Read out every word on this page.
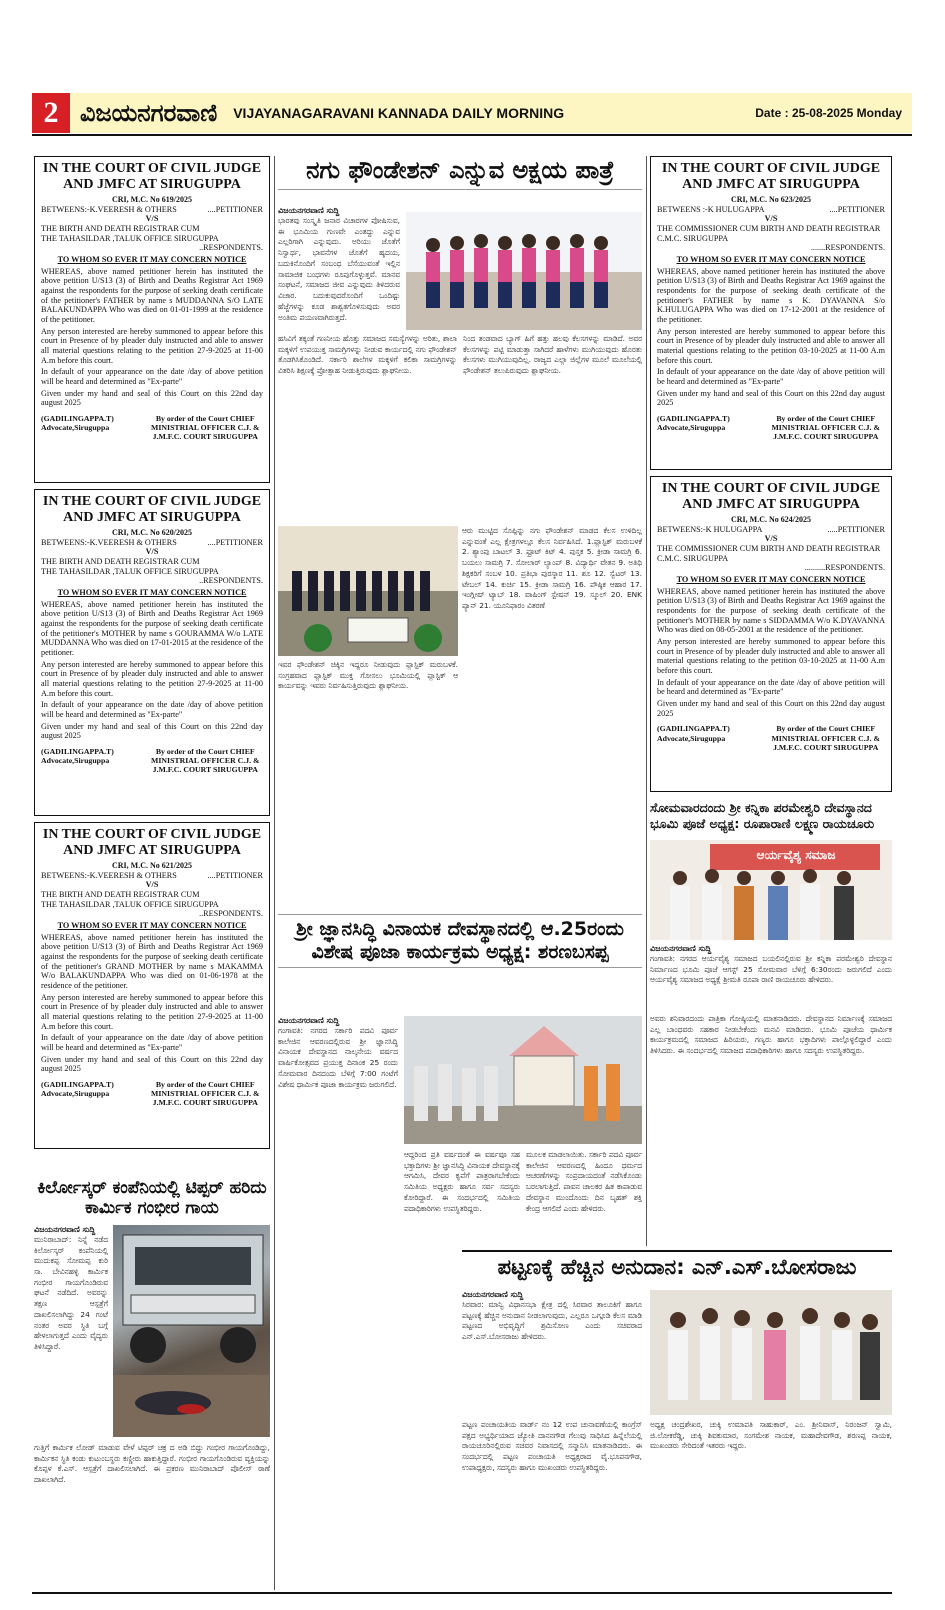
2 ವಿಜಯನಗರವಾಣಿ VIJAYANAGARAVANI KANNADA DAILY MORNING	Date : 25-08-2025 Monday
IN THE COURT OF CIVIL JUDGE AND JMFC AT SIRUGUPPA
CRI, M.C. No 619/2025
BETWEENS:-K.VEERESH & OTHERS	....PETITIONER
V/S
THE BIRTH AND DEATH REGISTRAR CUM
THE TAHASILDAR ,TALUK OFFICE SIRUGUPPA
..RESPONDENTS.
TO WHOM SO EVER IT MAY CONCERN NOTICE

WHEREAS, above named petitioner herein has instituted the above petition U/S13 (3) of Birth and Deaths Registrar Act 1969 against the respondents for the purpose of seeking death certificate of the petitioner's FATHER by name s MUDDANNA S/O LATE BALAKUNDAPPA Who was died on 01-01-1999 at the residence of the petitioner.

Any person interested are hereby summoned to appear before this court in Presence of by pleader duly instructed and able to answer all material questions relating to the petition 27-9-2025 at 11-00 A.m before this court.

In default of your appearance on the date /day of above petition will be heard and determined as "Ex-parte"

Given under my hand and seal of this Court on this 22nd day august 2025

(GADILINGAPPA.T) Advocate,Siruguppa
By order of the Court CHIEF MINISTRIAL OFFICER C.J. & J.M.F.C. COURT SIRUGUPPA
IN THE COURT OF CIVIL JUDGE AND JMFC AT SIRUGUPPA
CRI, M.C. No 620/2025
BETWEENS:-K.VEERESH & OTHERS	....PETITIONER
V/S
THE BIRTH AND DEATH REGISTRAR CUM
THE TAHASILDAR ,TALUK OFFICE SIRUGUPPA
..RESPONDENTS.
TO WHOM SO EVER IT MAY CONCERN NOTICE

WHEREAS, above named petitioner herein has instituted the above petition U/S13 (3) of Birth and Deaths Registrar Act 1969 against the respondents for the purpose of seeking death certificate of the petitioner's MOTHER by name s GOURAMMA W/o LATE MUDDANNA Who was died on 17-01-2015 at the residence of the petitioner.

Any person interested are hereby summoned to appear before this court in Presence of by pleader duly instructed and able to answer all material questions relating to the petition 27-9-2025 at 11-00 A.m before this court.

In default of your appearance on the date /day of above petition will be heard and determined as "Ex-parte"

Given under my hand and seal of this Court on this 22nd day august 2025

(GADILINGAPPA.T) Advocate,Siruguppa
By order of the Court CHIEF MINISTRIAL OFFICER C.J. & J.M.F.C. COURT SIRUGUPPA
IN THE COURT OF CIVIL JUDGE AND JMFC AT SIRUGUPPA
CRI, M.C. No 621/2025
BETWEENS:-K.VEERESH & OTHERS	....PETITIONER
V/S
THE BIRTH AND DEATH REGISTRAR CUM
THE TAHASILDAR ,TALUK OFFICE SIRUGUPPA
..RESPONDENTS.
TO WHOM SO EVER IT MAY CONCERN NOTICE

WHEREAS, above named petitioner herein has instituted the above petition U/S13 (3) of Birth and Deaths Registrar Act 1969 against the respondents for the purpose of seeking death certificate of the petitioner's GRAND MOTHER by name s MAKAMMA W/o BALAKUNDAPPA Who was died on 01-06-1978 at the residence of the petitioner.

Any person interested are hereby summoned to appear before this court in Presence of by pleader duly instructed and able to answer all material questions relating to the petition 27-9-2025 at 11-00 A.m before this court.

In default of your appearance on the date /day of above petition will be heard and determined as "Ex-parte"

Given under my hand and seal of this Court on this 22nd day august 2025

(GADILINGAPPA.T) Advocate,Siruguppa
By order of the Court CHIEF MINISTRIAL OFFICER C.J. & J.M.F.C. COURT SIRUGUPPA
ಕಿರ್ಲೋಸ್ಕರ್ ಕಂಪೆನಿಯಲ್ಲಿ ಟಿಪ್ಪರ್ ಹರಿದು ಕಾರ್ಮಿಕ ಗಂಭೀರ ಗಾಯ
ವಿಜಯನಗರವಾಣಿ ಸುದ್ದಿ
ಮುನಿರಾಬಾದ್: ನಿನ್ನೆ ನಡೆದ ಕಿರ್ಲೋಸ್ಕರ್ ಕಂಪೆನಿಯಲ್ಲಿ ಮುದುಕಪ್ಪ ಸೋಮಪ್ಪ ಕುರಿ ಸಾ. ಬೇವಿನಹಳ್ಳಿ ಕಾರ್ಮಿಕ ಗಂಭೀರ ಗಾಯಗೊಂಡಿರುವ ಘಟನೆ ನಡೆದಿದೆ. ಅವರನ್ನು ತಕ್ಷಣ ಆಸ್ಪತ್ರೆಗೆ ದಾಖಲಿಸಲಾಗಿದ್ದು 24 ಗಂಟೆ ನಂತರ ಅವರ ಸ್ಥಿತಿ ಬಗ್ಗೆ ಹೇಳಲಾಗುತ್ತದೆ ಎಂದು ವೈದ್ಯರು ತಿಳಿಸಿದ್ದಾರೆ.
ಗುತ್ತಿಗೆ ಕಾರ್ಮಿಕ ಲೋಡ್ ಮಾಡುವ ವೇಳೆ ಟಿಪ್ಪರ್ ಚಕ್ರ ದ ಅಡಿ ಬಿದ್ದು ಗಂಭೀರ ಗಾಯಗೊಂಡಿದ್ದು, ಕಾರ್ಮಿಕನ ಸ್ಥಿತಿ ಕಂಡು ಕುಟುಂಬಸ್ಥರು ಕಣ್ಣೀರು ಹಾಕುತ್ತಿದ್ದಾರೆ. ಗಂಭೀರ ಗಾಯಗೊಂಡಿರುವ ವ್ಯಕ್ತಿಯನ್ನು ಕೊಪ್ಪಳ ಕೆ.ಎಸ್. ಆಸ್ಪತ್ರೆಗೆ ದಾಖಲಿಸಲಾಗಿದೆ. ಈ ಪ್ರಕರಣ ಮುನಿರಾಬಾದ್ ಪೊಲೀಸ್ ಠಾಣೆ ದಾಖಲಾಗಿದೆ.
ನಗು ಫೌಂಡೇಶನ್ ಎನ್ನುವ ಅಕ್ಷಯ ಪಾತ್ರೆ
ವಿಜಯನಗರವಾಣಿ ಸುದ್ದಿ
ಭಾರತವು ಸಂಸ್ಕೃತಿ ಜನಾರ ವಿಚಾರಗಳ ಪೋಷಿಸುವ, ಈ ಭೂಮಿಯ ಗುಣವೇ ಎಂತದ್ದು ಎನ್ನುವ ಎಲ್ಲರಿಗಾಗಿ ಎನ್ನುವುದು. ಅರಿಯು ಜೊತೆಗೆ ನಿಸ್ವಾರ್ಥ, ಭಾವನೆಗಳ ಜೊತೆಗೆ ಹೃದಯ, ಬದುಕಿನೊಂದಿಗೆ ಸಂಬಂಧ ಬೆಸೆಯುವಂತೆ ಇಲ್ಲಿನ ಸಾಮಾಜಿಕ ಬಂಧಗಳು ರೂಪುಗೊಳ್ಳುತ್ತವೆ. ಮಾನವ ಸಂಘಟನೆ, ಸಮಾಜದ ಜೀವ ಎನ್ನುವುದು ತಿಳಿದರುವ ವಿಚಾರ. ಬದುಕುವುದರೊಂದಿಗೆ ಒಂದಿಷ್ಟು ಹೆಜ್ಜೆಗಳನ್ನು ಕೂಡ ಶಾಶ್ವತಗೊಳಿಸುವುದು ಅವರ ಅಂತಿಮ ಪಯಣವಾಗಿರುತ್ತದೆ.
ಹಸಿವಿಗೆ ತಕ್ಕಂತೆ ಗಣನೀಯ ಹೊತ್ತು ಸಮಾಜದ ಸಮಸ್ಯೆಗಳನ್ನು ಅರಿತು, ಶಾಲಾ ಮಕ್ಕಳಿಗೆ ಉಪಯುಕ್ತ ಸಾಮಗ್ರಿಗಳನ್ನು ನೀಡುವ ಕಾರ್ಯದಲ್ಲಿ ನಗು ಫೌಂಡೇಶನ್ ತೊಡಗಿಸಿಕೊಂಡಿದೆ. ಸರ್ಕಾರಿ ಶಾಲೆಗಳ ಮಕ್ಕಳಿಗೆ ಕಲಿಕಾ ಸಾಮಗ್ರಿಗಳನ್ನು ವಿತರಿಸಿ ಶಿಕ್ಷಣಕ್ಕೆ ಪ್ರೋತ್ಸಾಹ ನೀಡುತ್ತಿರುವುದು ಶ್ಲಾಘನೀಯ.
ನಿಂದ ತಂಡವಾದ ಬ್ಯಾಗ್ ಹಿಗೆ ಹತ್ತು ಹಲವು ಕೆಲಸಗಳನ್ನು ಮಾಡಿದೆ. ಅವರ ಕೆಲಸಗಳನ್ನು ಪಟ್ಟಿ ಮಾಡುತ್ತಾ ಸಾಗಿದರೆ ಹಾಳೆಗಳು ಮುಗಿಯುವುದು ಹೊರತು ಕೆಲಸಗಳು ಮುಗಿಯುವುದಿಲ್ಲ. ರಾಜ್ಯದ ಎಲ್ಲಾ ಜಿಲ್ಲೆಗಳ ಮೂಲೆ ಮೂಲೆಯಲ್ಲಿ ಫೌಂಡೇಶನ್ ತಲುಪಿರುವುದು ಶ್ಲಾಘನೀಯ.
ಆರು ಮುಟ್ಟಿದ ಸೊಪ್ಪಿನ್ನು ನಗು ಫೌಂಡೇಶನ್ ಮಾಡದ ಕೆಲಸ ಉಳಿದಿಲ್ಲ ಎನ್ನುವಂತೆ ಎಲ್ಲ ಕ್ಷೇತ್ರಗಳಲ್ಲೂ ಕೆಲಸ ನಿರ್ವಹಿಸಿದೆ. 1.ಪ್ಲಾಸ್ಟಿಕ್ ಮರುಬಳಕೆ 2. ಶ್ಯಾಂಪು ಬಾಟಲ್ 3. ಫ್ರೂಟ್ ಕಿಟ್ 4. ಪುಸ್ತಕ 5. ಕ್ರೀಡಾ ಸಾಮಗ್ರಿ 6. ಬಯಲು ಸಾಮಗ್ರಿ 7. ಸೋಲಾರ್ ಲ್ಯಾಂಪ್ 8. ವಿದ್ಯಾರ್ಥಿ ವೇತನ 9. ಅತಿಥಿ ಶಿಕ್ಷಕರಿಗೆ ಸಂಬಳ 10. ಪ್ರತಿಭಾ ಪುರಸ್ಕಾರ 11. ಶೂ 12. ಸ್ವೆಟರ್ 13. ಟೇಬಲ್ 14. ಕುರ್ಚಿ 15. ಕ್ರೀಡಾ ಸಾಮಗ್ರಿ 16. ಪೌಷ್ಠಿಕ ಆಹಾರ 17. ಇಂಗ್ಲೀಷ್ ಟ್ಯಾಬ್ 18. ವಾಷಿಂಗ್ ಸ್ಟೇಷನ್ 19. ಸ್ಕೂಲ್ 20. ENK ಪ್ಯಾನ್ 21. ಯೂನಿಫಾರಂ ವಿತರಣೆ
ಇವರ ಫೌಂಡೇಶನ್ ಚಿಕ್ಕಿನ ಇದ್ದರೂ ನೀಡುವುದು ಪ್ಲಾಸ್ಟಿಕ್ ಮರುಬಳಕೆ. ಸಂಗ್ರಹವಾದ ಪ್ಲಾಸ್ಟಿಕ್ ಮುಕ್ತ ಗೋಸಲು ಭೂಮಿಯಲ್ಲಿ ಪ್ಲಾಸ್ಟಿಕ್ ಆ ಕಾರ್ಯವನ್ನು ಇವರು ನಿರ್ವಹಿಸುತ್ತಿರುವುದು ಶ್ಲಾಘನೀಯ.
ಶ್ರೀ ಜ್ಞಾನಸಿದ್ಧಿ ವಿನಾಯಕ ದೇವಸ್ಥಾನದಲ್ಲಿ ಆ.25ರಂದು ವಿಶೇಷ ಪೂಜಾ ಕಾರ್ಯಕ್ರಮ ಅಧ್ಯಕ್ಷ: ಶರಣಬಸಪ್ಪ
ವಿಜಯನಗರವಾಣಿ ಸುದ್ದಿ
ಗಂಗಾವತಿ: ನಗರದ ಸರ್ಕಾರಿ ಪದವಿ ಪೂರ್ವ ಕಾಲೇಜಿನ ಆವರಣದಲ್ಲಿರುವ ಶ್ರೀ ಜ್ಞಾನಸಿದ್ಧಿ ವಿನಾಯಕ ದೇವಸ್ಥಾನದ ನಾಲ್ಕನೇಯ ವರ್ಷದ ವಾರ್ಷಿಕೋತ್ಸವದ ಪ್ರಯುಕ್ತ ದಿನಾಂಕ 25 ರಂದು ಸೋಮವಾರ ದಿನದಂದು ಬೆಳಿಗ್ಗೆ 7:00 ಗಂಟೆಗೆ ವಿಶೇಷ ಧಾರ್ಮಿಕ ಪೂಜಾ ಕಾರ್ಯಕ್ರಮ ಜರುಗಲಿದೆ.
ಆದ್ದರಿಂದ ಪ್ರತಿ ವರ್ಷದಂತೆ ಈ ವರ್ಷವೂ ಸಹ ಭಕ್ತಾದಿಗಳು ಶ್ರೀ ಜ್ಞಾನಸಿದ್ಧಿ ವಿನಾಯಕ ದೇವಸ್ಥಾನಕ್ಕೆ ಆಗಮಿಸಿ, ದೇವರ ಕೃಪೆಗೆ ಪಾತ್ರರಾಗಬೇಕೆಂದು ಸಮಿತಿಯ ಅಧ್ಯಕ್ಷರು ಹಾಗೂ ಸರ್ವ ಸದಸ್ಯರು ಕೋರಿದ್ದಾರೆ. ಈ ಸಂದರ್ಭದಲ್ಲಿ ಸಮಿತಿಯ ಪದಾಧಿಕಾರಿಗಳು ಉಪಸ್ಥಿತರಿದ್ದರು.
ಮೂಲಕ ಮಾಡಲಾಯಿತು. ಸರ್ಕಾರಿ ಪದವಿ ಪೂರ್ವ ಕಾಲೇಜಿನ ಆವರಣದಲ್ಲಿ ಹಿಂದೂ ಧರ್ಮದ ಆಚರಣೆಗಳನ್ನು ಸಂಪ್ರದಾಯದಂತೆ ನಡೆಸಿಕೊಂಡು ಬರಲಾಗುತ್ತಿದೆ. ಪಾವನ ಚಾಲಕರ ಹಿತ ಕಾಪಾಡುವ ದೇವಸ್ಥಾನ ಮುಂದೊಂದು ದಿನ ಬೃಹತ್ ಶಕ್ತಿ ಕೇಂದ್ರ ಆಗಲಿದೆ ಎಂದು ಹೇಳಿದರು.
ಪಟ್ಟಣಕ್ಕೆ ಹೆಚ್ಚಿನ ಅನುದಾನ: ಎನ್.ಎಸ್.ಬೋಸರಾಜು
ವಿಜಯನಗರವಾಣಿ ಸುದ್ದಿ
ಸಿರವಾರ: ಮಾನ್ವಿ ವಿಧಾನಸಭಾ ಕ್ಷೇತ್ರ ದಲ್ಲಿ ಸಿರವಾರ ತಾಲೂಕಿಗೆ ಹಾಗೂ ಪಟ್ಟಣಕ್ಕೆ ಹೆಚ್ಚಿನ ಅನುದಾನ ನೀಡಲಾಗುವುದು, ಎಲ್ಲರೂ ಒಗ್ಗೂಡಿ ಕೆಲಸ ಮಾಡಿ ಪಟ್ಟಣದ ಅಭಿವೃದ್ಧಿಗೆ ಶ್ರಮಿಸೋಣ ಎಂದು ಸಚಿವರಾದ ಎನ್.ಎಸ್.ಬೋಸರಾಜು ಹೇಳಿದರು.
ಪಟ್ಟಣ ಪಂಚಾಯತಿಯ ವಾರ್ಡ್ ನಂ 12 ಉಪ ಚುನಾವಣೆಯಲ್ಲಿ ಕಾಂಗ್ರೆಸ್ ಪಕ್ಷದ ಅಭ್ಯರ್ಥಿಯಾದ ಜ್ಯೋತಿ ದಾನನಗೌಡ ಗೆಲುವು ಸಾಧಿಸಿದ ಹಿನ್ನೆಲೆಯಲ್ಲಿ ರಾಯಚೂರಿನಲ್ಲಿರುವ ಸಚಿವರ ನಿವಾಸದಲ್ಲಿ ಸನ್ಮಾನಿಸಿ ಮಾತನಾಡಿದರು. ಈ ಸಂದರ್ಭದಲ್ಲಿ ಪಟ್ಟಣ ಪಂಚಾಯತಿ ಅಧ್ಯಕ್ಷರಾದ ವೈ.ಭೂಪನಗೌಡ, ಉಪಾಧ್ಯಕ್ಷರು, ಸದಸ್ಯರು ಹಾಗೂ ಮುಖಂಡರು ಉಪಸ್ಥಿತರಿದ್ದರು.
ಅಧ್ಯಕ್ಷ ಚಂದ್ರಶೇಖರ, ಚುಕ್ಕಿ ಉಮಾಪತಿ ಸಾಹುಕಾರ್, ಎಂ. ಶ್ರೀನಿವಾಸ್, ನಿರಂಜನ್ ಸ್ವಾಮಿ, ಜಿ.ಲೋಕರೆಡ್ಡಿ, ಚುಕ್ಕಿ ಶಿವಕುಮಾರ, ಸಂಗಮೇಶ ನಾಯಕ, ಮಹಾದೇವಗೌಡ, ಶರಣಪ್ಪ ನಾಯಕ, ಮುಖಂಡರು ಸೇರಿದಂತೆ ಇತರರು ಇದ್ದರು.
IN THE COURT OF CIVIL JUDGE AND JMFC AT SIRUGUPPA
CRI, M.C. No 623/2025
BETWEENS :-K HULUGAPPA	....PETITIONER
V/S
THE COMMISSIONER CUM BIRTH AND DEATH REGISTRAR C.M.C. SIRUGUPPA
.......RESPONDENTS.
TO WHOM SO EVER IT MAY CONCERN NOTICE

WHEREAS, above named petitioner herein has instituted the above petition U/S13 (3) of Birth and Deaths Registrar Act 1969 against the respondents for the purpose of seeking death certificate of the petitioner's FATHER by name s K. DYAVANNA S/o K.HULUGAPPA Who was died on 17-12-2001 at the residence of the petitioner.

Any person interested are hereby summoned to appear before this court in Presence of by pleader duly instructed and able to answer all material questions relating to the petition 03-10-2025 at 11-00 A.m before this court.

In default of your appearance on the date /day of above petition will be heard and determined as "Ex-parte"

Given under my hand and seal of this Court on this 22nd day august 2025

(GADILINGAPPA.T) Advocate,Siruguppa
By order of the Court CHIEF MINISTRIAL OFFICER C.J. & J.M.F.C. COURT SIRUGUPPA
IN THE COURT OF CIVIL JUDGE AND JMFC AT SIRUGUPPA
CRI, M.C. No 624/2025
BETWEENS:-K HULUGAPPA	.....PETITIONER
V/S
THE COMMISSIONER CUM BIRTH AND DEATH REGISTRAR C.M.C. SIRUGUPPA
..........RESPONDENTS.
TO WHOM SO EVER IT MAY CONCERN NOTICE

WHEREAS, above named petitioner herein has instituted the above petition U/S13 (3) of Birth and Deaths Registrar Act 1969 against the respondents for the purpose of seeking death certificate of the petitioner's MOTHER by name s SIDDAMMA W/o K.DYAVANNA Who was died on 08-05-2001 at the residence of the petitioner.

Any person interested are hereby summoned to appear before this court in Presence of by pleader duly instructed and able to answer all material questions relating to the petition 03-10-2025 at 11-00 A.m before this court.

In default of your appearance on the date /day of above petition will be heard and determined as "Ex-parte"

Given under my hand and seal of this Court on this 22nd day august 2025

(GADILINGAPPA.T) Advocate,Siruguppa
By order of the Court CHIEF MINISTRIAL OFFICER C.J. & J.M.F.C. COURT SIRUGUPPA
ಸೋಮವಾರದಂದು ಶ್ರೀ ಕನ್ನಿಕಾ ಪರಮೇಶ್ವರಿ ದೇವಸ್ಥಾನದ ಭೂಮಿ ಪೂಜೆ ಅಧ್ಯಕ್ಷ: ರೂಪಾರಾಣಿ ಲಕ್ಷ್ಮಣ ರಾಯಚೂರು
ಆರ್ಯವೈಶ್ಯ ಸಮಾಜ
ವಿಜಯನಗರವಾಣಿ ಸುದ್ದಿ
ಗಂಗಾವತಿ: ನಗರದ ಆರ್ಯವೈಶ್ಯ ಸಮಾಜದ ಬಯಲಿನಲ್ಲಿರುವ ಶ್ರೀ ಕನ್ನಿಕಾ ಪರಮೇಶ್ವರಿ ದೇವಸ್ಥಾನ ನಿರ್ಮಾಣದ ಭೂಮಿ ಪೂಜೆ ಆಗಸ್ಟ್ 25 ಸೋಮವಾರ ಬೆಳಿಗ್ಗೆ 6:30ರಂದು ಜರುಗಲಿದೆ ಎಂದು ಆರ್ಯವೈಶ್ಯ ಸಮಾಜದ ಅಧ್ಯಕ್ಷೆ ಶ್ರೀಮತಿ ರೂಪಾ ರಾಣಿ ರಾಯಚೂರು ಹೇಳಿದರು.
ಅವರು ಶನಿವಾರದಂದು ಪಾತ್ರಿಕಾ ಗೋಷ್ಠಿಯಲ್ಲಿ ಮಾತನಾಡಿದರು. ದೇವಸ್ಥಾನದ ನಿರ್ಮಾಣಕ್ಕೆ ಸಮಾಜದ ಎಲ್ಲ ಬಾಂಧವರು ಸಹಕಾರ ನೀಡಬೇಕೆಂದು ಮನವಿ ಮಾಡಿದರು. ಭೂಮಿ ಪೂಜೆಯ ಧಾರ್ಮಿಕ ಕಾರ್ಯಕ್ರಮದಲ್ಲಿ ಸಮಾಜದ ಹಿರಿಯರು, ಗಣ್ಯರು ಹಾಗೂ ಭಕ್ತಾದಿಗಳು ಪಾಲ್ಗೊಳ್ಳಲಿದ್ದಾರೆ ಎಂದು ತಿಳಿಸಿದರು. ಈ ಸಂದರ್ಭದಲ್ಲಿ ಸಮಾಜದ ಪದಾಧಿಕಾರಿಗಳು ಹಾಗೂ ಸದಸ್ಯರು ಉಪಸ್ಥಿತರಿದ್ದರು.
